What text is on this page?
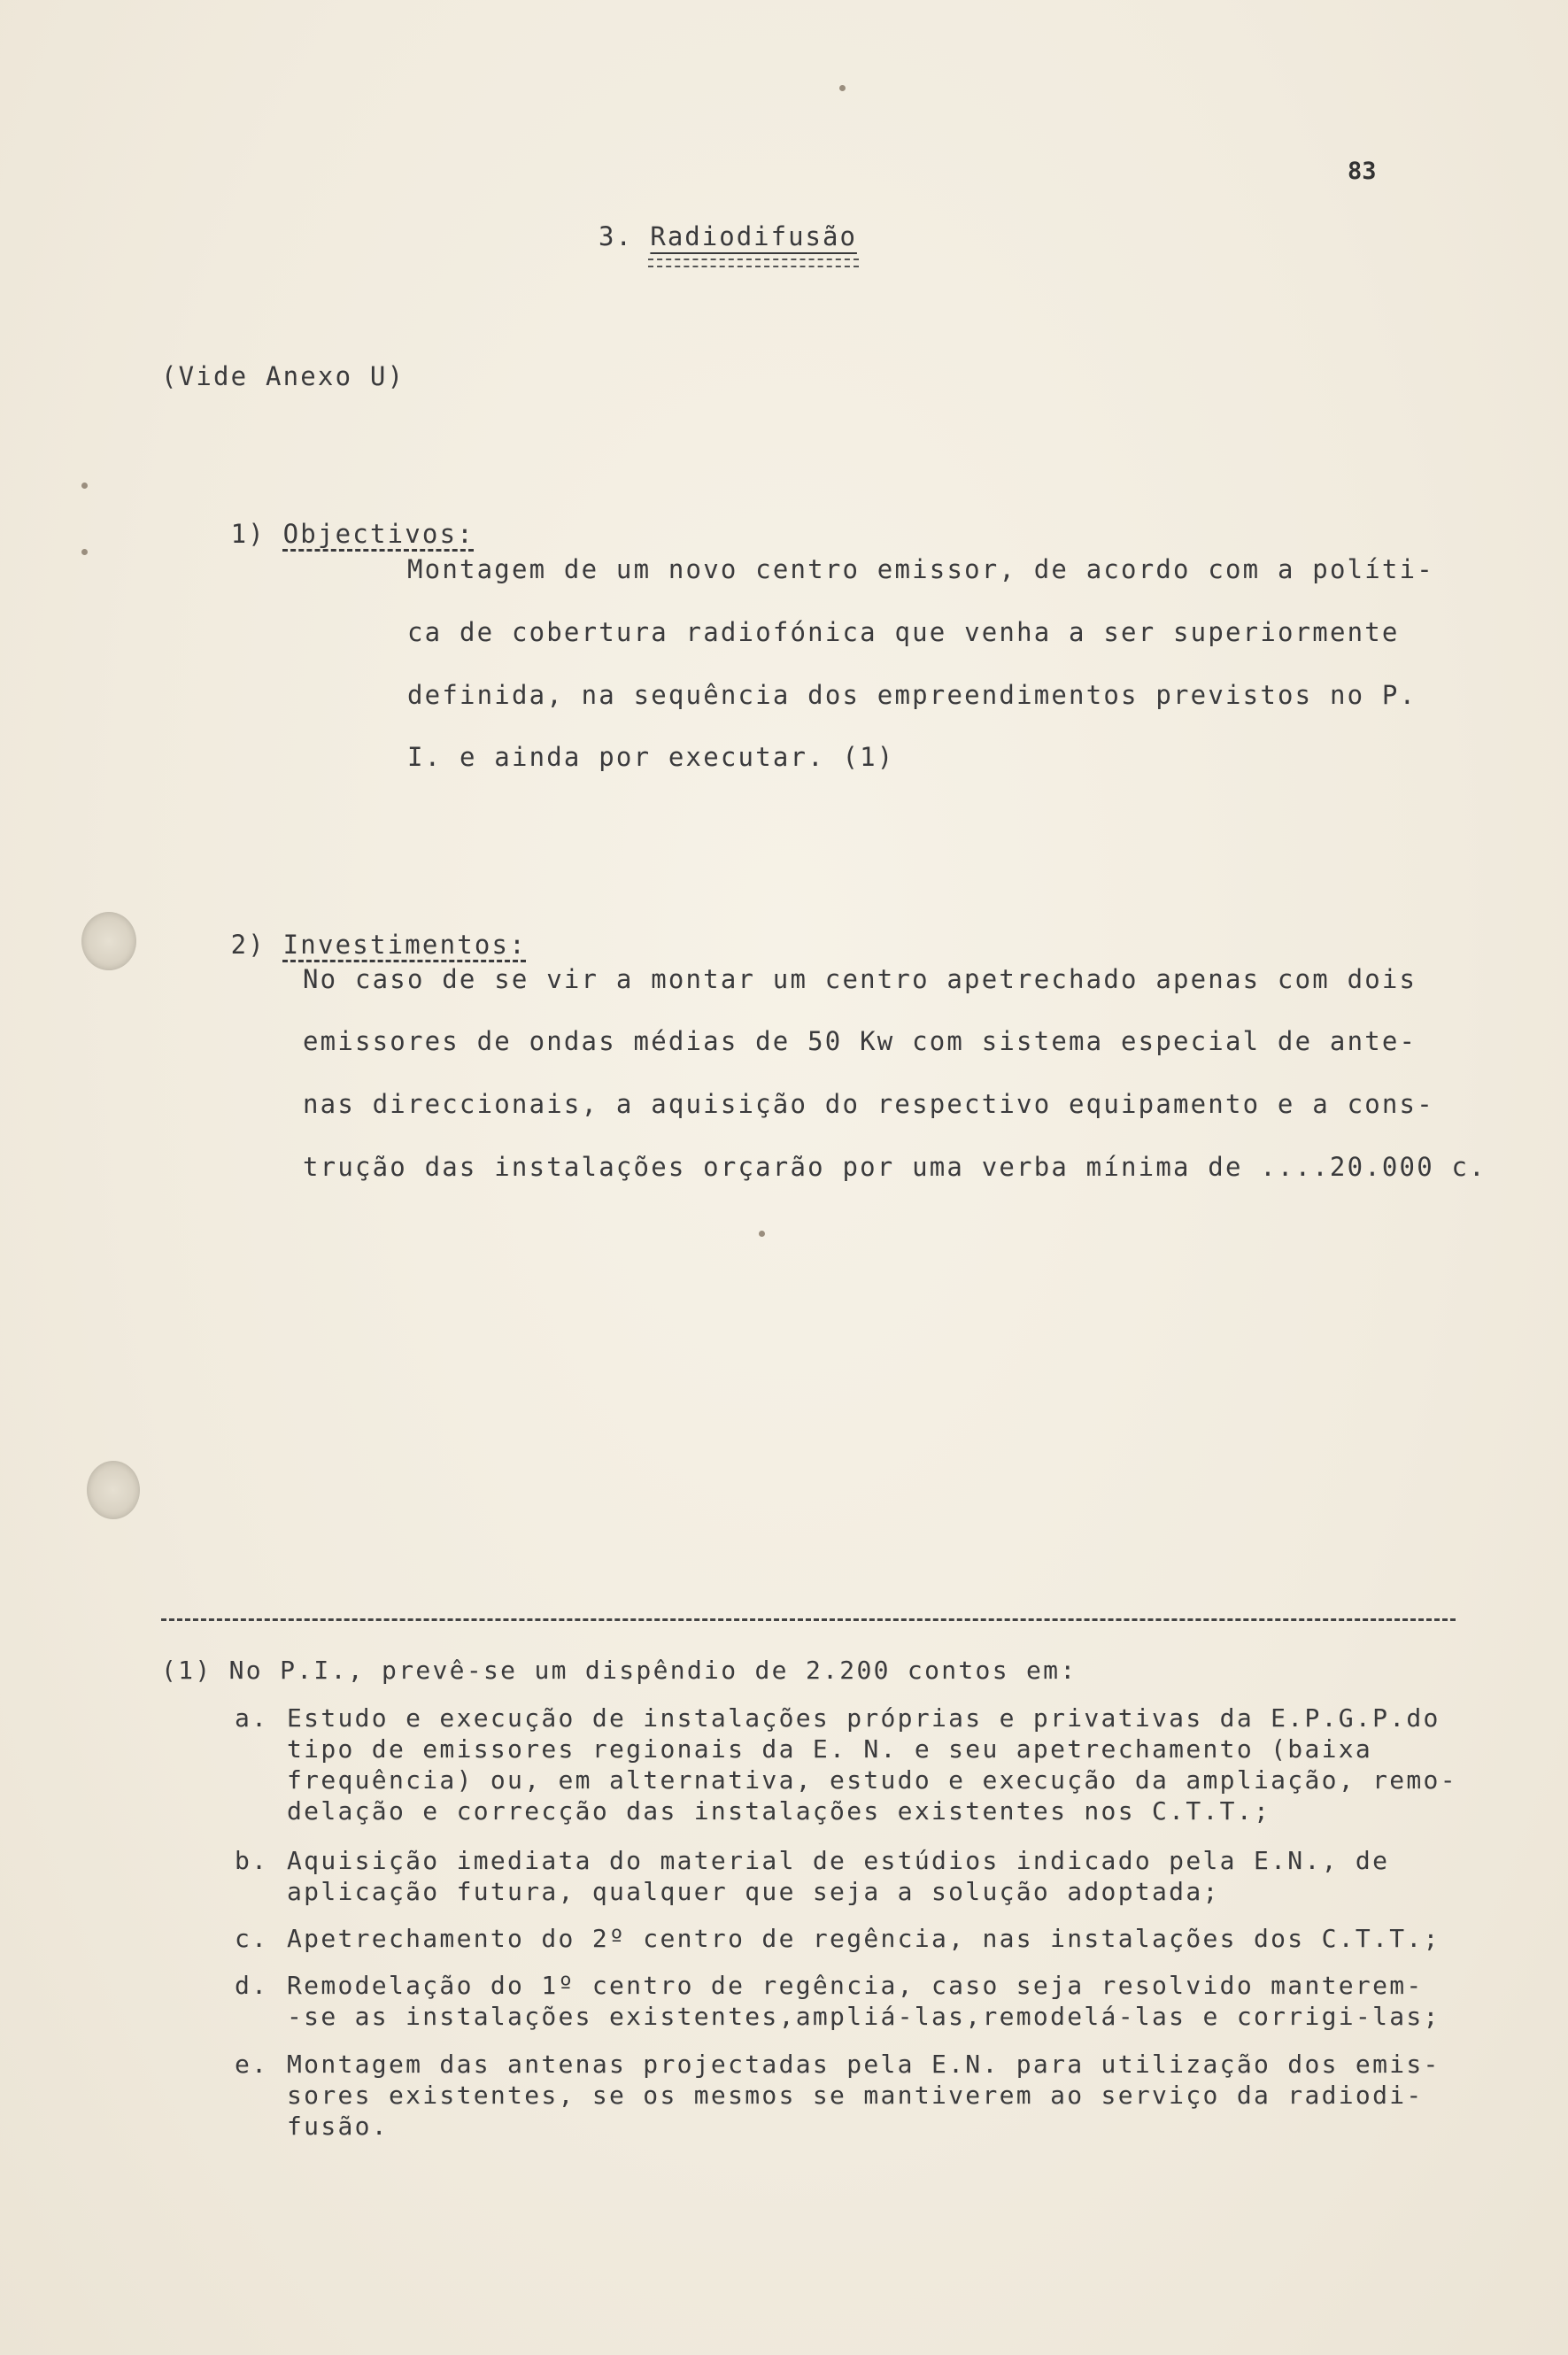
83
3. Radiodifusão
(Vide Anexo U)

1) Objectivos:

Montagem de um novo centro emissor, de acordo com a políti-
ca de cobertura radiofónica que venha a ser superiormente
definida, na sequência dos empreendimentos previstos no P.
I. e ainda por executar. (1)

2) Investimentos:

No caso de se vir a montar um centro apetrechado apenas com dois
emissores de ondas médias de 50 Kw com sistema especial de ante-
nas direccionais, a aquisição do respectivo equipamento e a cons-
trução das instalações orçarão por uma verba mínima de ....20.000 c.
(1) No P.I., prevê-se um dispêndio de 2.200 contos em:
a. Estudo e execução de instalações próprias e privativas da E.P.G.P.do
tipo de emissores regionais da E. N. e seu apetrechamento (baixa
frequência) ou, em alternativa, estudo e execução da ampliação, remo-
delação e correcção das instalações existentes nos C.T.T.;
b. Aquisição imediata do material de estúdios indicado pela E.N., de
aplicação futura, qualquer que seja a solução adoptada;
c. Apetrechamento do 2º centro de regência, nas instalações dos C.T.T.;
d. Remodelação do 1º centro de regência, caso seja resolvido manterem-
-se as instalações existentes,ampliá-las,remodelá-las e corrigi-las;
e. Montagem das antenas projectadas pela E.N. para utilização dos emis-
sores existentes, se os mesmos se mantiverem ao serviço da radiodi-
fusão.
